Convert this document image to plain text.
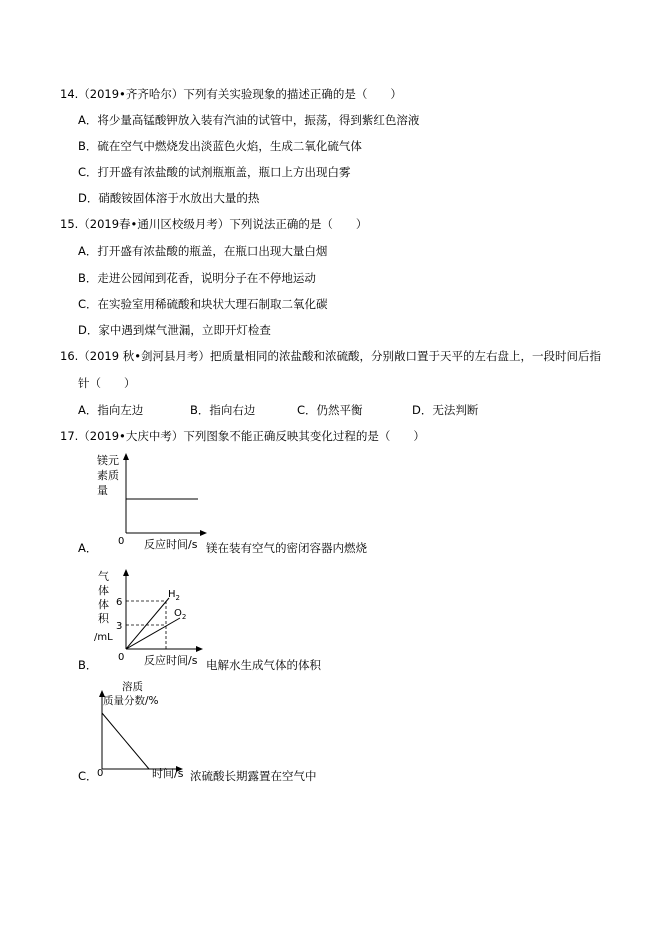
14.（2019•齐齐哈尔）下列有关实验现象的描述正确的是（　　）
A．将少量高锰酸钾放入装有汽油的试管中，振荡，得到紫红色溶液
B．硫在空气中燃烧发出淡蓝色火焰，生成二氧化硫气体
C．打开盛有浓盐酸的试剂瓶瓶盖，瓶口上方出现白雾
D．硝酸铵固体溶于水放出大量的热
15.（2019春•通川区校级月考）下列说法正确的是（　　）
A．打开盛有浓盐酸的瓶盖，在瓶口出现大量白烟
B．走进公园闻到花香，说明分子在不停地运动
C．在实验室用稀硫酸和块状大理石制取二氧化碳
D．家中遇到煤气泄漏，立即开灯检查
16.（2019 秋•剑河县月考）把质量相同的浓盐酸和浓硫酸，分别敞口置于天平的左右盘上，一段时间后指
针（　　）
A．指向左边	B．指向右边	C．仍然平衡	D．无法判断
17.（2019•大庆中考）下列图象不能正确反映其变化过程的是（　　）
A．
镁元
素质
量
0 反应时间/s 镁在装有空气的密闭容器内燃烧
B．
气
体
体
积
/mL
6
3
0
$H_2$
$O_2$
反应时间/s 电解水生成气体的体积
C．
溶质
质量分数/%
0	时间/s 浓硫酸长期露置在空气中
